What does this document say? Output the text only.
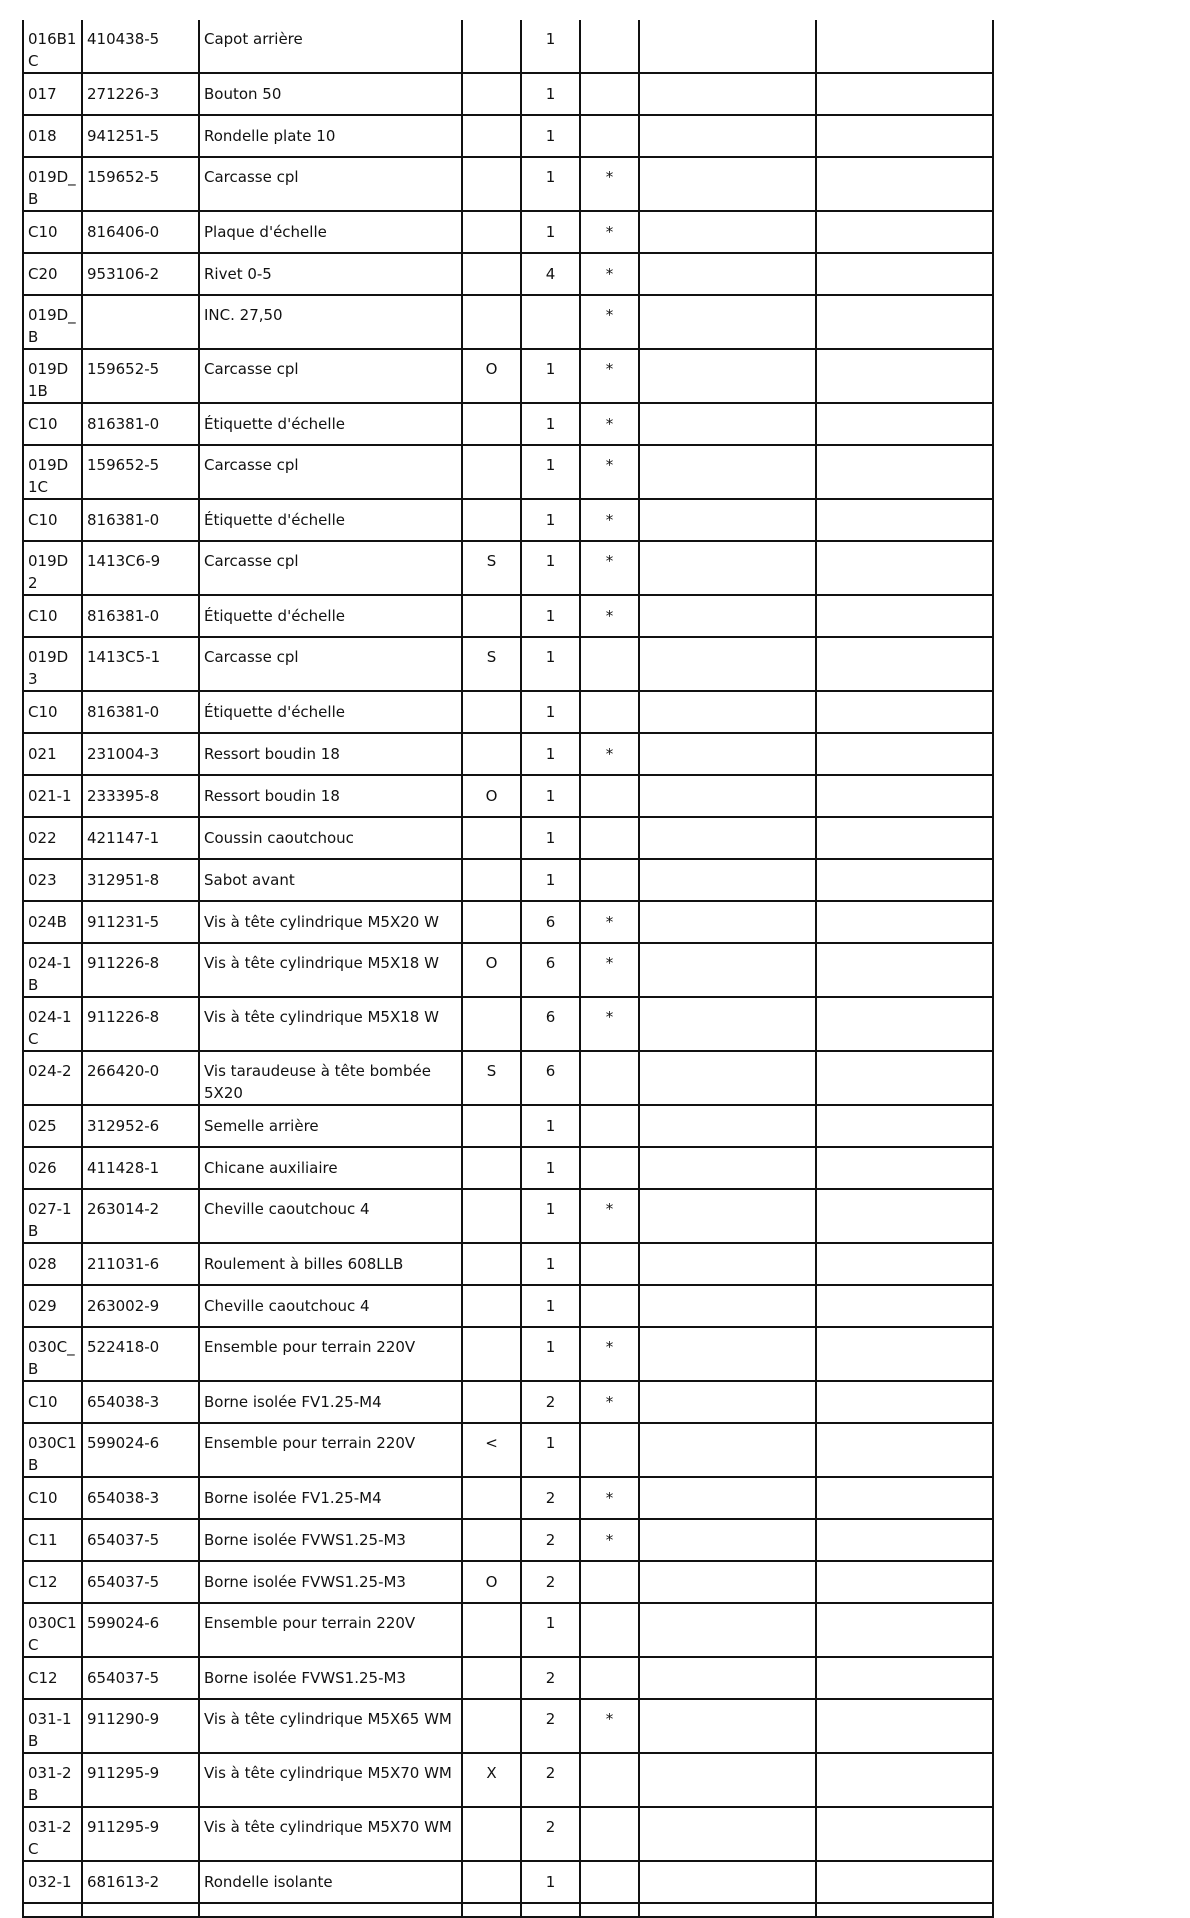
016B1C	410438-5	Capot arrière		1			
017	271226-3	Bouton 50		1			
018	941251-5	Rondelle plate 10		1			
019D_B	159652-5	Carcasse cpl		1	*		
C10	816406-0	Plaque d'échelle		1	*		
C20	953106-2	Rivet 0-5		4	*		
019D_B		INC. 27,50			*		
019D1B	159652-5	Carcasse cpl	O	1	*		
C10	816381-0	Étiquette d'échelle		1	*		
019D1C	159652-5	Carcasse cpl		1	*		
C10	816381-0	Étiquette d'échelle		1	*		
019D2	1413C6-9	Carcasse cpl	S	1	*		
C10	816381-0	Étiquette d'échelle		1	*		
019D3	1413C5-1	Carcasse cpl	S	1			
C10	816381-0	Étiquette d'échelle		1			
021	231004-3	Ressort boudin 18		1	*		
021-1	233395-8	Ressort boudin 18	O	1			
022	421147-1	Coussin caoutchouc		1			
023	312951-8	Sabot avant		1			
024B	911231-5	Vis à tête cylindrique M5X20 W		6	*		
024-1B	911226-8	Vis à tête cylindrique M5X18 W	O	6	*		
024-1C	911226-8	Vis à tête cylindrique M5X18 W		6	*		
024-2	266420-0	Vis taraudeuse à tête bombée 5X20	S	6			
025	312952-6	Semelle arrière		1			
026	411428-1	Chicane auxiliaire		1			
027-1B	263014-2	Cheville caoutchouc 4		1	*		
028	211031-6	Roulement à billes 608LLB		1			
029	263002-9	Cheville caoutchouc 4		1			
030C_B	522418-0	Ensemble pour terrain 220V		1	*		
C10	654038-3	Borne isolée FV1.25-M4		2	*		
030C1B	599024-6	Ensemble pour terrain 220V	<	1			
C10	654038-3	Borne isolée FV1.25-M4		2	*		
C11	654037-5	Borne isolée FVWS1.25-M3		2	*		
C12	654037-5	Borne isolée FVWS1.25-M3	O	2			
030C1C	599024-6	Ensemble pour terrain 220V		1			
C12	654037-5	Borne isolée FVWS1.25-M3		2			
031-1B	911290-9	Vis à tête cylindrique M5X65 WM		2	*		
031-2B	911295-9	Vis à tête cylindrique M5X70 WM	X	2			
031-2C	911295-9	Vis à tête cylindrique M5X70 WM		2			
032-1	681613-2	Rondelle isolante		1			
